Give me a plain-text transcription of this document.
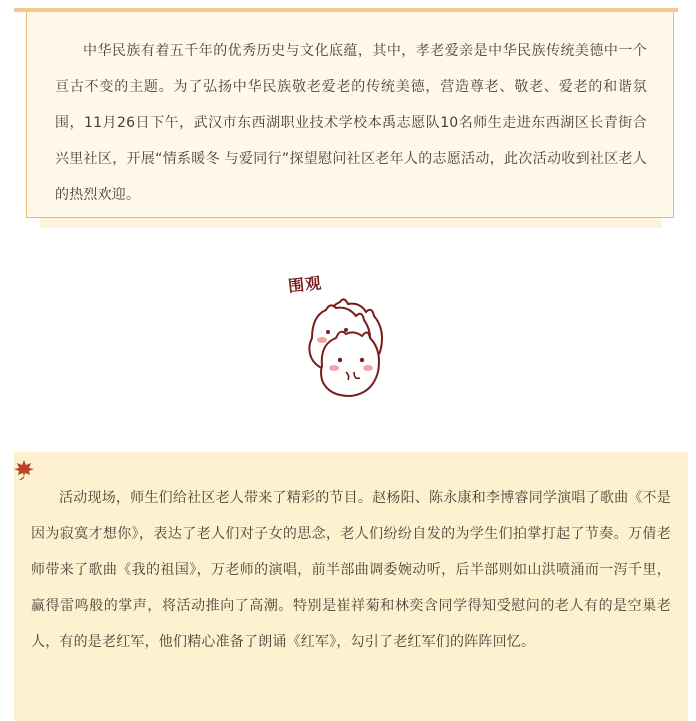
中华民族有着五千年的优秀历史与文化底蕴，其中，孝老爱亲是中华民族传统美德中一个亘古不变的主题。为了弘扬中华民族敬老爱老的传统美德，营造尊老、敬老、爱老的和谐氛围，11月26日下午，武汉市东西湖职业技术学校本禹志愿队10名师生走进东西湖区长青街合兴里社区，开展“情系暖冬 与爱同行”探望慰问社区老年人的志愿活动，此次活动收到社区老人的热烈欢迎。

围观

活动现场，师生们给社区老人带来了精彩的节目。赵杨阳、陈永康和李博睿同学演唱了歌曲《不是因为寂寞才想你》，表达了老人们对子女的思念，老人们纷纷自发的为学生们拍掌打起了节奏。万倩老师带来了歌曲《我的祖国》，万老师的演唱，前半部曲调委婉动听，后半部则如山洪喷涌而一泻千里，赢得雷鸣般的掌声，将活动推向了高潮。特别是崔祥菊和林奕含同学得知受慰问的老人有的是空巢老人，有的是老红军，他们精心准备了朗诵《红军》，勾引了老红军们的阵阵回忆。
